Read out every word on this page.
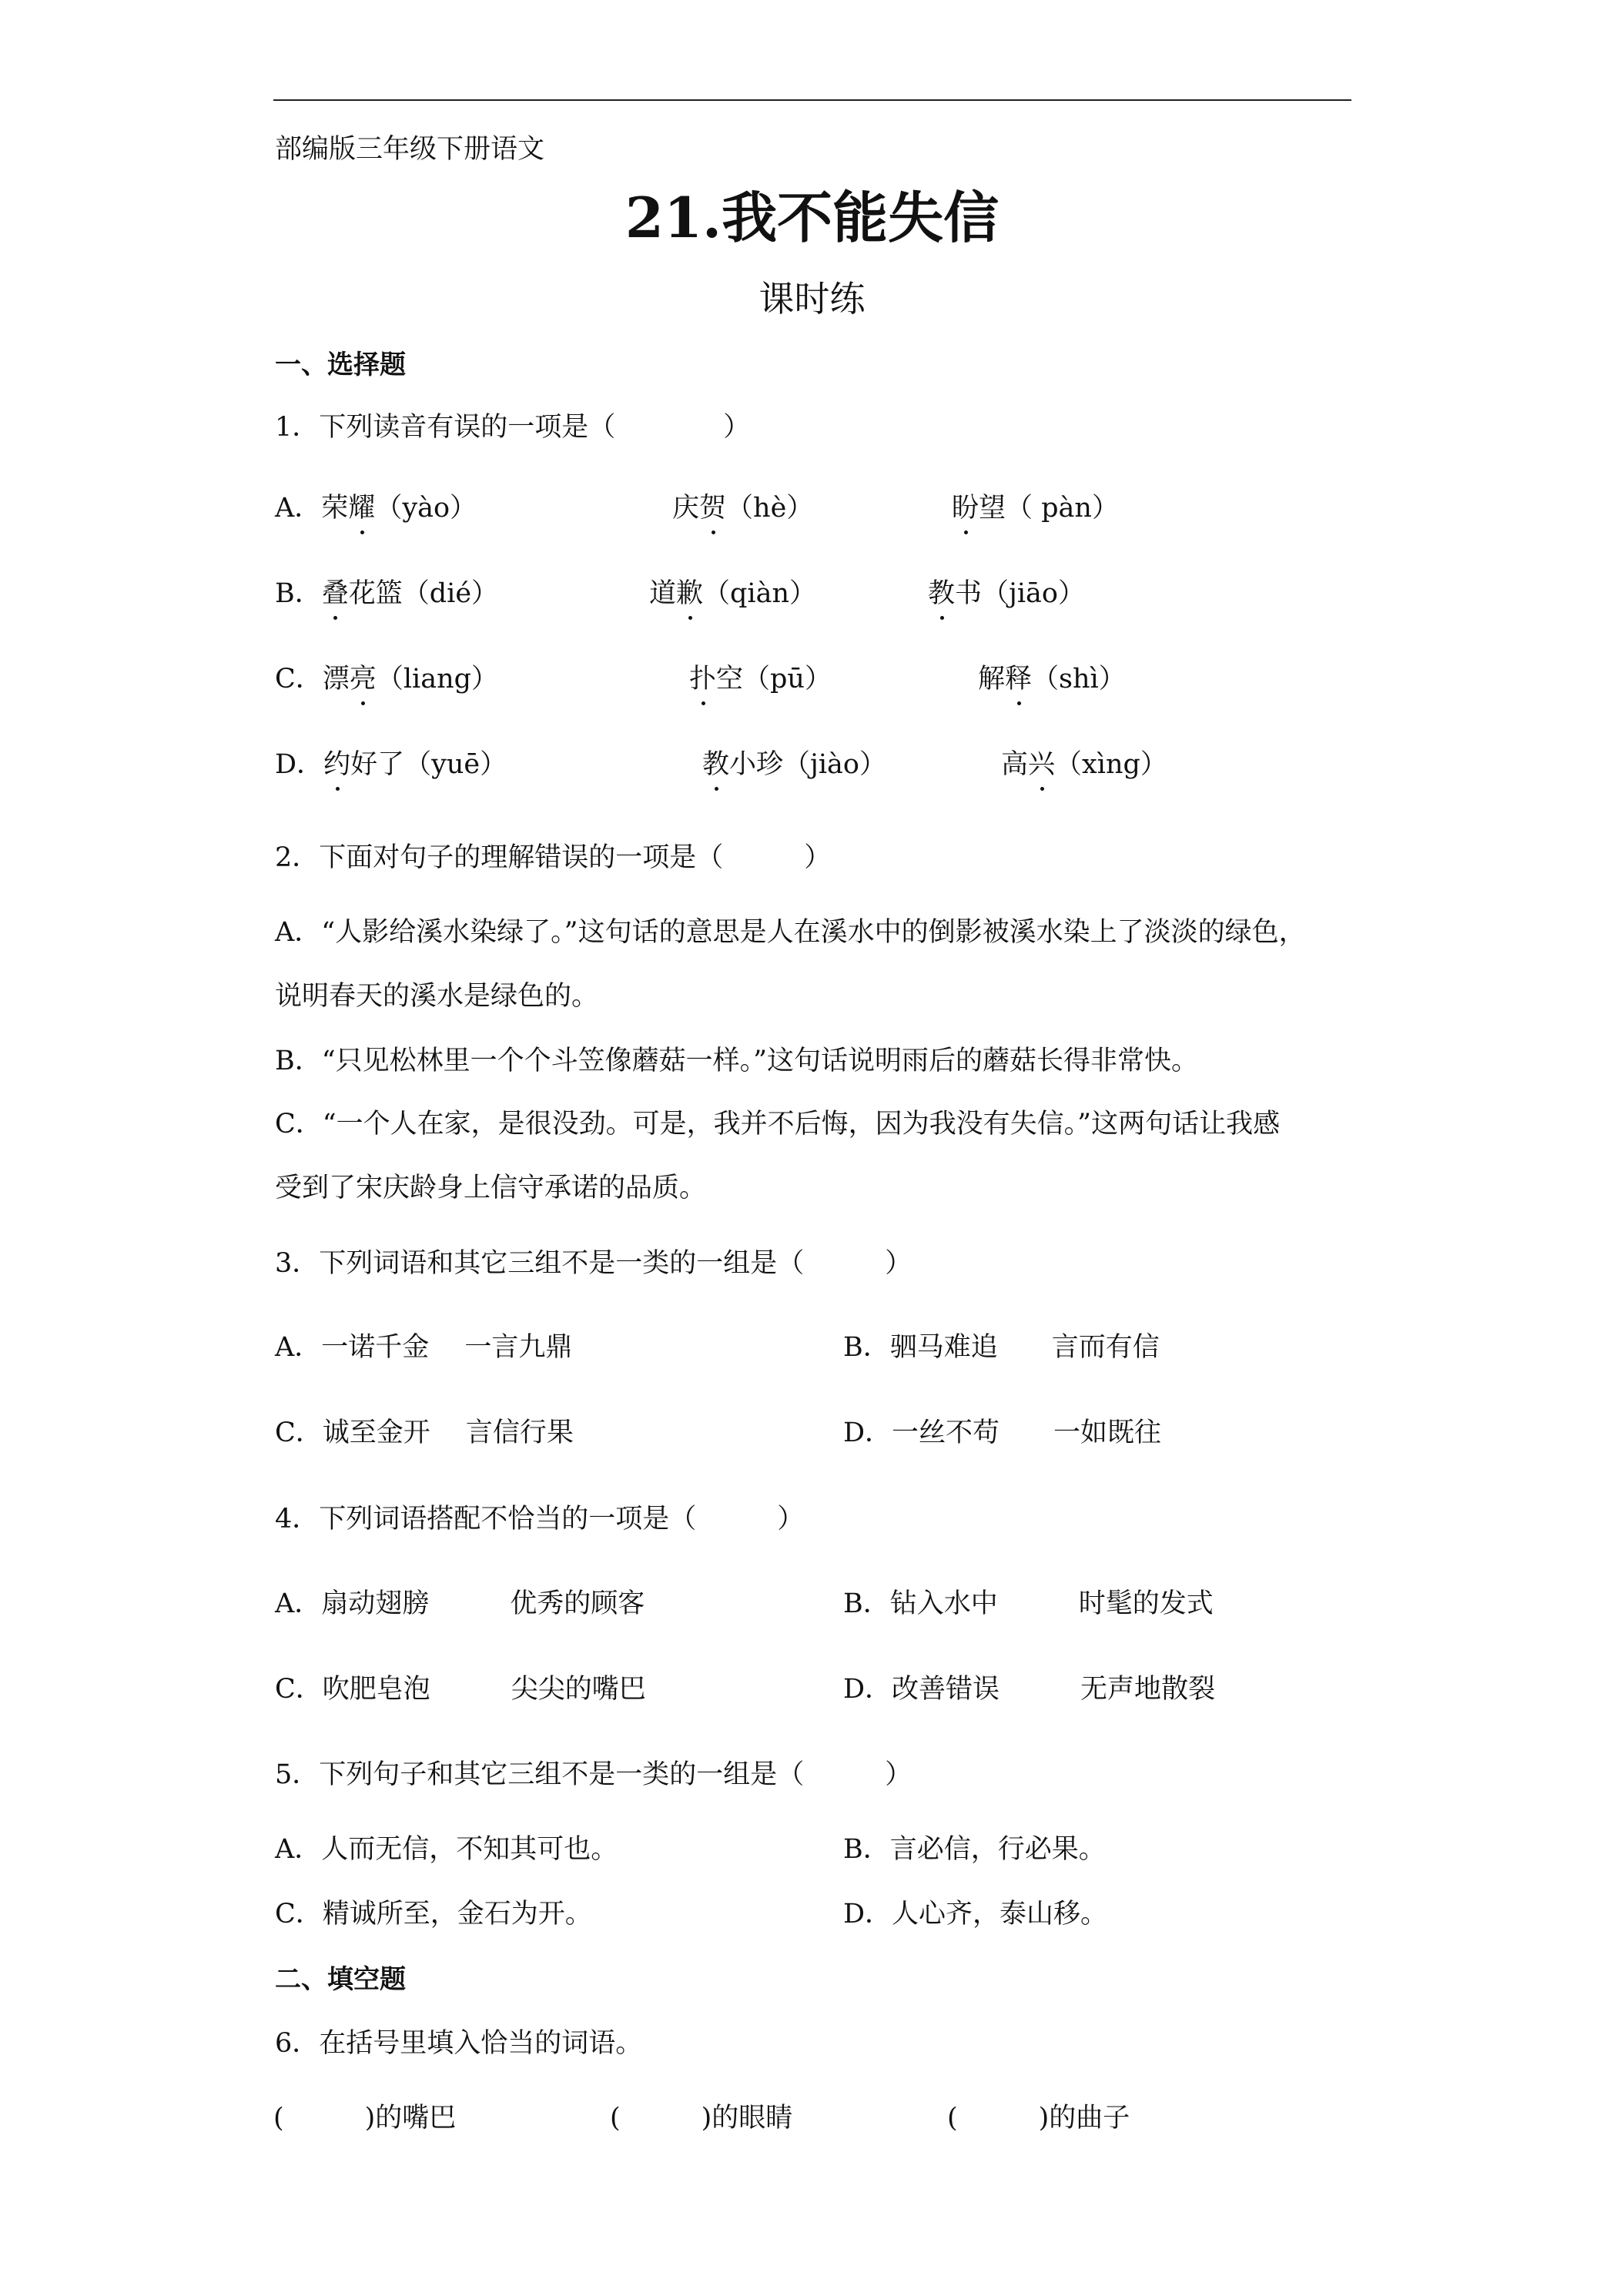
部编版三年级下册语文
21.我不能失信
课时练
一、选择题
1．下列读音有误的一项是（　　　　）
A．荣耀（yào）	庆贺（hè）	盼望（ pàn）
B．叠花篮（dié）	道歉（qiàn）	教书（jiāo）
C．漂亮（liang）	扑空（pū）	解释（shì）
D．约好了（yuē）	教小珍（jiào）	高兴（xìng）
2．下面对句子的理解错误的一项是（　　　）
A．“人影给溪水染绿了。”这句话的意思是人在溪水中的倒影被溪水染上了淡淡的绿色，
说明春天的溪水是绿色的。
B．“只见松林里一个个斗笠像蘑菇一样。”这句话说明雨后的蘑菇长得非常快。
C．“一个人在家，是很没劲。可是，我并不后悔，因为我没有失信。”这两句话让我感
受到了宋庆龄身上信守承诺的品质。
3．下列词语和其它三组不是一类的一组是（　　　）
A．一诺千金　 一言九鼎	B．驷马难追　　言而有信
C．诚至金开　 言信行果	D．一丝不苟　　一如既往
4．下列词语搭配不恰当的一项是（　　　）
A．扇动翅膀　　　优秀的顾客	B．钻入水中　　　时髦的发式
C．吹肥皂泡　　　尖尖的嘴巴	D．改善错误　　　无声地散裂
5．下列句子和其它三组不是一类的一组是（　　　）
A．人而无信，不知其可也。	B．言必信，行必果。
C．精诚所至，金石为开。	D．人心齐，泰山移。
二、填空题
6．在括号里填入恰当的词语。
(　　　)的嘴巴	(　　　)的眼睛	(　　　)的曲子
